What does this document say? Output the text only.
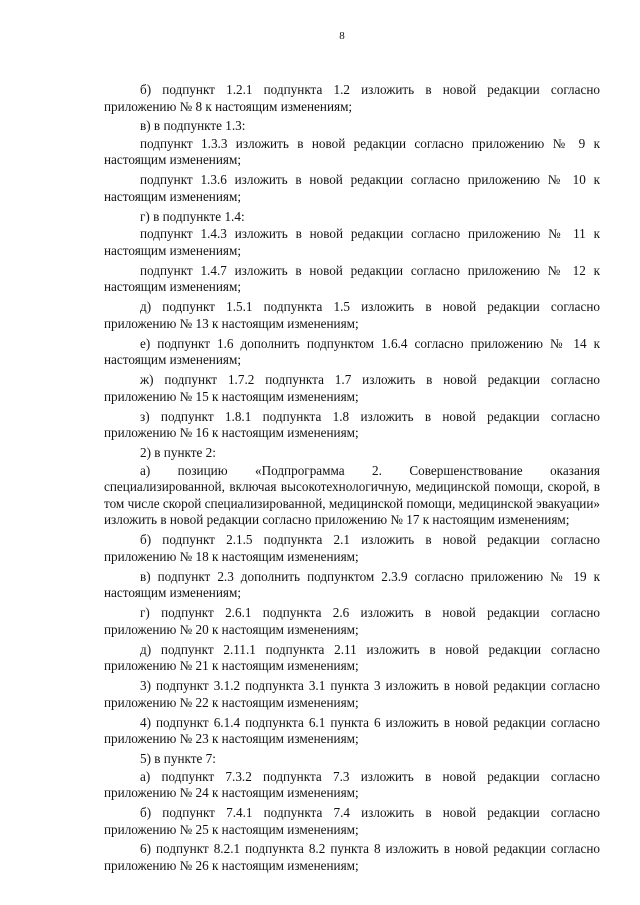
8

б) подпункт 1.2.1 подпункта 1.2 изложить в новой редакции согласно приложению № 8 к настоящим изменениям;

в) в подпункте 1.3:

подпункт 1.3.3 изложить в новой редакции согласно приложению № 9 к настоящим изменениям;

подпункт 1.3.6 изложить в новой редакции согласно приложению № 10 к настоящим изменениям;

г) в подпункте 1.4:

подпункт 1.4.3 изложить в новой редакции согласно приложению № 11 к настоящим изменениям;

подпункт 1.4.7 изложить в новой редакции согласно приложению № 12 к настоящим изменениям;

д) подпункт 1.5.1 подпункта 1.5 изложить в новой редакции согласно приложению № 13 к настоящим изменениям;

е) подпункт 1.6 дополнить подпунктом 1.6.4 согласно приложению № 14 к настоящим изменениям;

ж) подпункт 1.7.2 подпункта 1.7 изложить в новой редакции согласно приложению № 15 к настоящим изменениям;

з) подпункт 1.8.1 подпункта 1.8 изложить в новой редакции согласно приложению № 16 к настоящим изменениям;

2) в пункте 2:

а) позицию «Подпрограмма 2. Совершенствование оказания специализированной, включая высокотехнологичную, медицинской помощи, скорой, в том числе скорой специализированной, медицинской помощи, медицинской эвакуации» изложить в новой редакции согласно приложению № 17 к настоящим изменениям;

б) подпункт 2.1.5 подпункта 2.1 изложить в новой редакции согласно приложению № 18 к настоящим изменениям;

в) подпункт 2.3 дополнить подпунктом 2.3.9 согласно приложению № 19 к настоящим изменениям;

г) подпункт 2.6.1 подпункта 2.6 изложить в новой редакции согласно приложению № 20 к настоящим изменениям;

д) подпункт 2.11.1 подпункта 2.11 изложить в новой редакции согласно приложению № 21 к настоящим изменениям;

3) подпункт 3.1.2 подпункта 3.1 пункта 3 изложить в новой редакции согласно приложению № 22 к настоящим изменениям;

4) подпункт 6.1.4 подпункта 6.1 пункта 6 изложить в новой редакции согласно приложению № 23 к настоящим изменениям;

5) в пункте 7:

а) подпункт 7.3.2 подпункта 7.3 изложить в новой редакции согласно приложению № 24 к настоящим изменениям;

б) подпункт 7.4.1 подпункта 7.4 изложить в новой редакции согласно приложению № 25 к настоящим изменениям;

6) подпункт 8.2.1 подпункта 8.2 пункта 8 изложить в новой редакции согласно приложению № 26 к настоящим изменениям;
